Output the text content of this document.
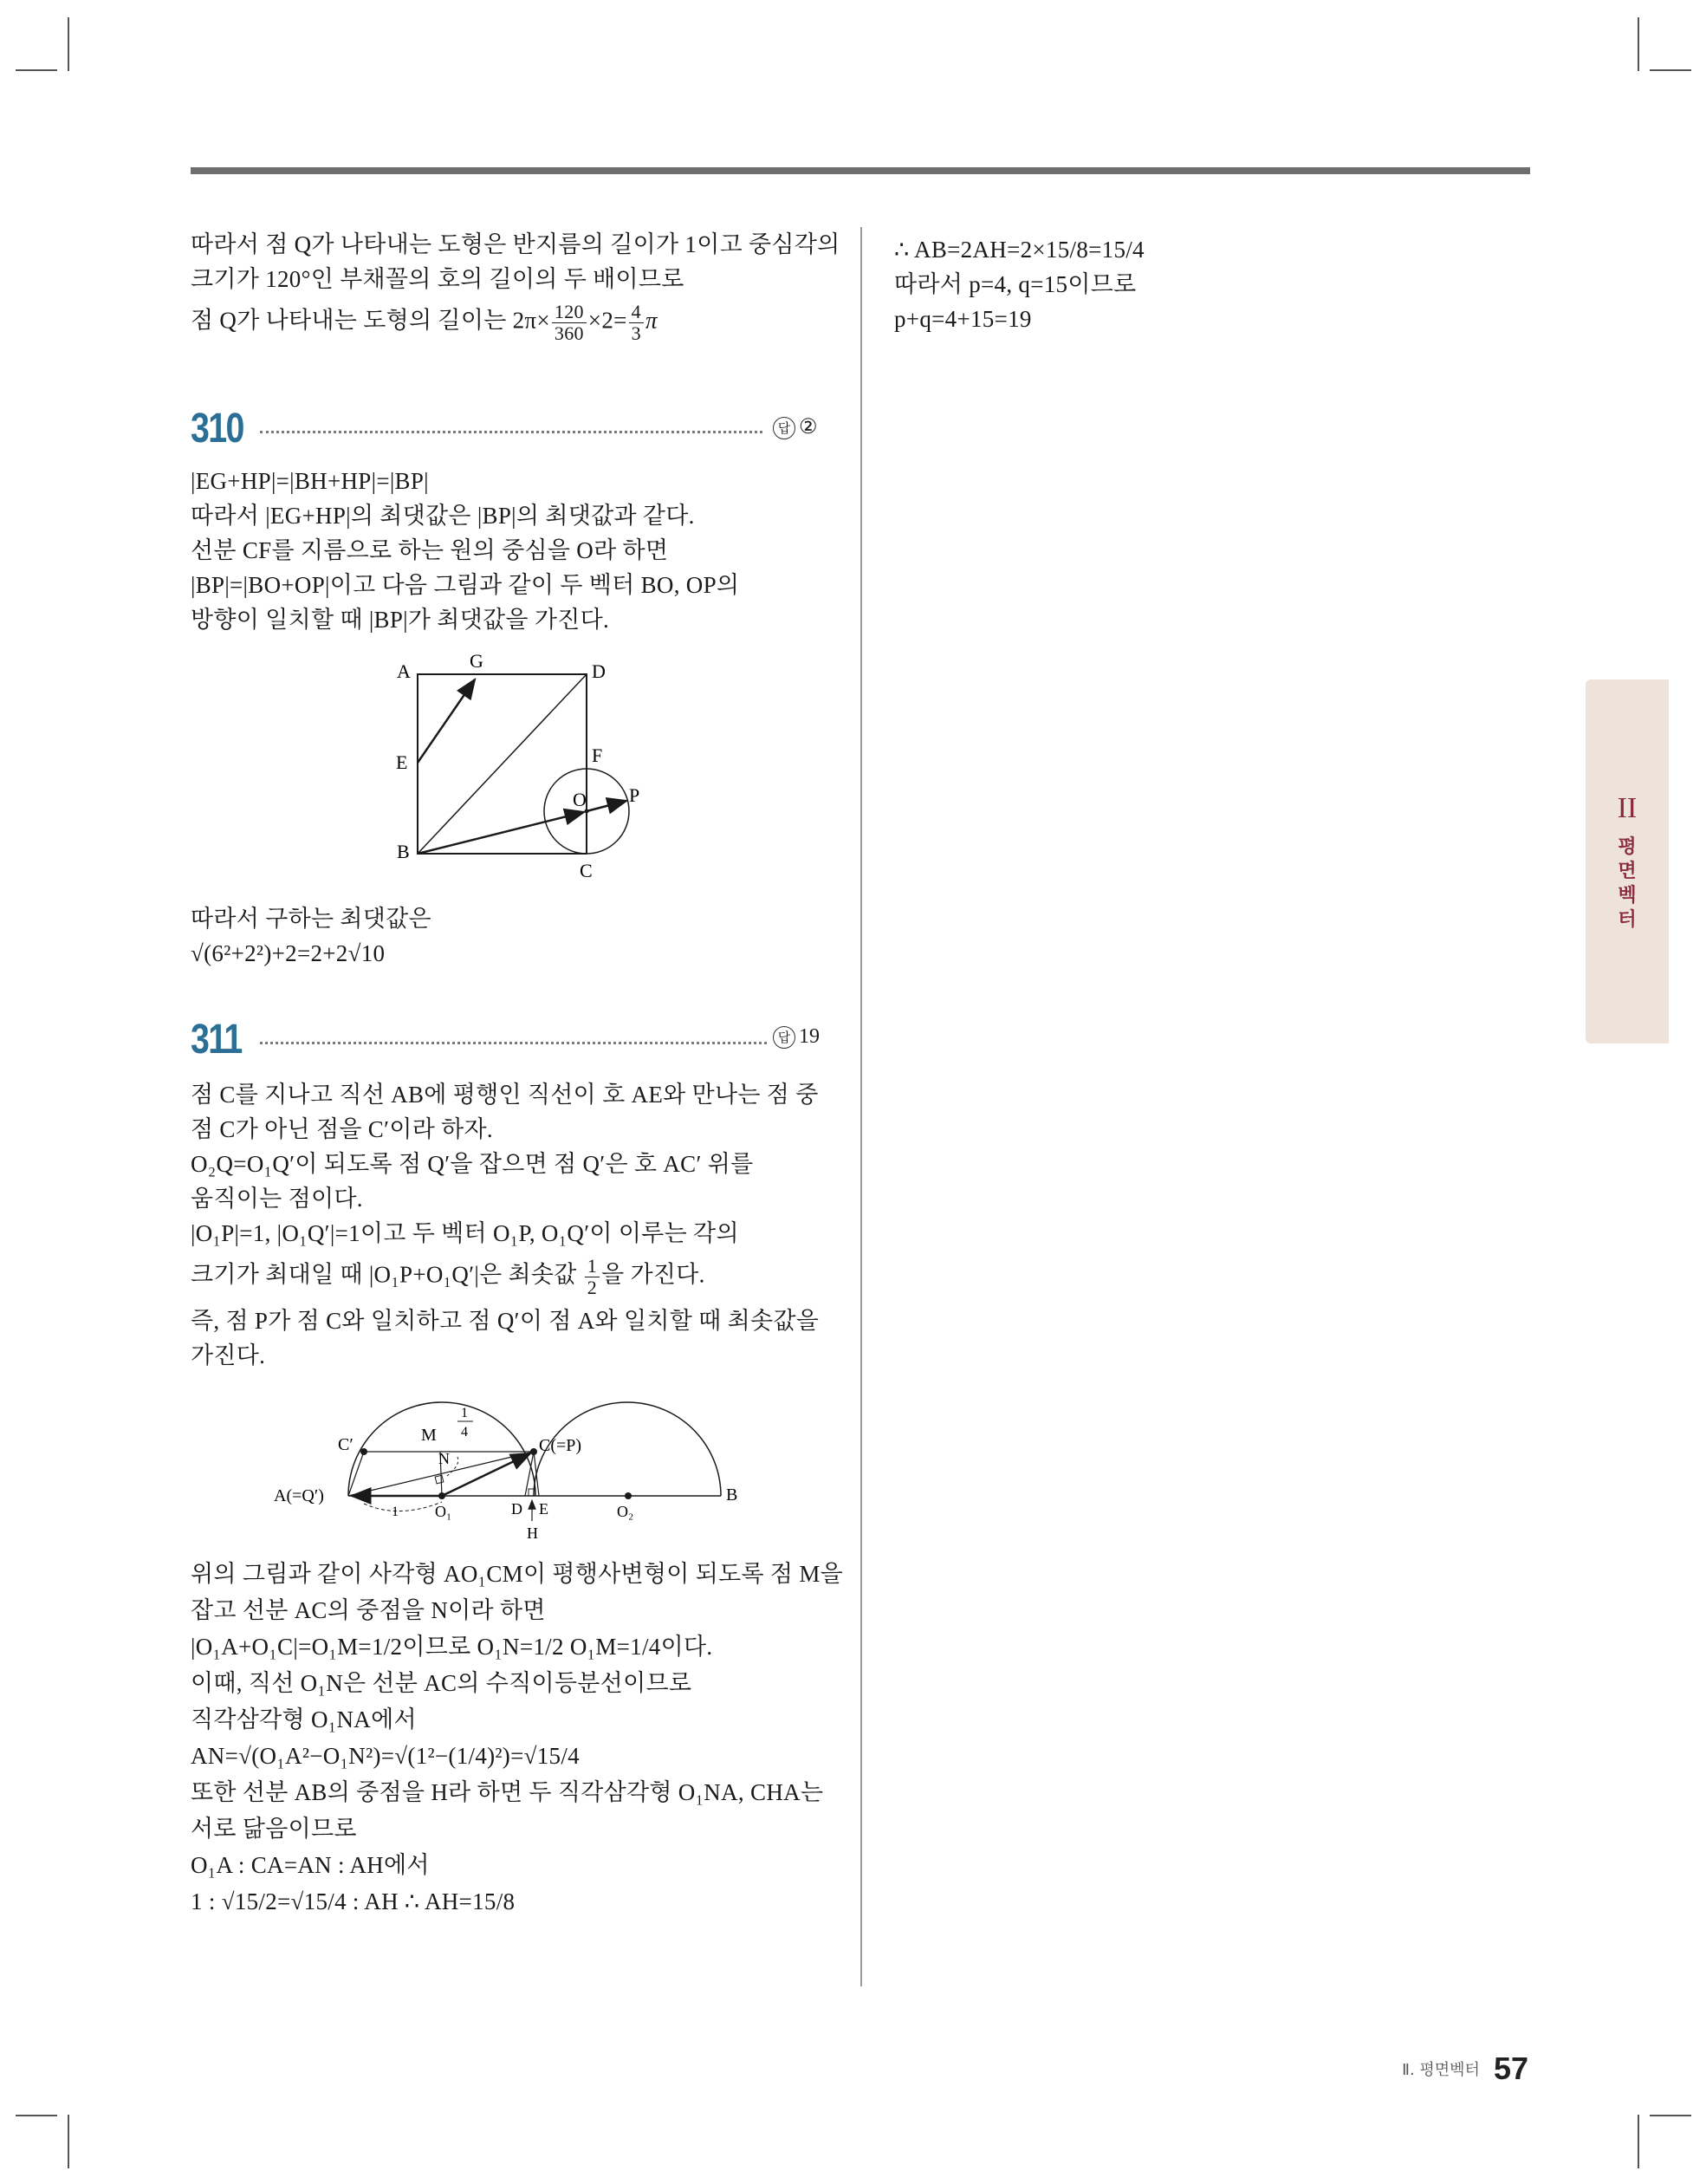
따라서 점 Q가 나타내는 도형은 반지름의 길이가 1이고 중심각의
크기가 120°인 부채꼴의 호의 길이의 두 배이므로
점 Q가 나타내는 도형의 길이는 $2\pi\times \frac{120}{360} \times 2= \frac{4}{3}$ π
310	답 ②
|EG+HP|=|BH+HP|=|BP|
따라서 |EG+HP|의 최댓값은 |BP|의 최댓값과 같다.
선분 CF를 지름으로 하는 원의 중심을 O라 하면
|BP|=|BO+OP|이고 다음 그림과 같이 두 벡터 BO, OP의
방향이 일치할 때 |BP|가 최댓값을 가진다.
A	G	D
E	F
O P
B
C
따라서 구하는 최댓값은
√(6²+2²)+2=2+2√10
311	답 19
점 C를 지나고 직선 AB에 평행인 직선이 호 AE와 만나는 점 중
점 C가 아닌 점을 C′이라 하자.
O₂Q=O₁Q′이 되도록 점 Q′을 잡으면 점 Q′은 호 AC′ 위를
움직이는 점이다.
|O₁P|=1, |O₁Q′|=1이고 두 벡터 O₁P, O₁Q′이 이루는 각의
크기가 최대일 때 |O₁P+O₁Q′|은 최솟값 $\frac{1}{2}$ 을 가진다.
즉, 점 P가 점 C와 일치하고 점 Q′이 점 A와 일치할 때 최솟값을
가진다.
C′	M
1
4
N
C(=P)
A(=Q′)
1 O₁	D E	O₂
B
H
위의 그림과 같이 사각형 AO₁CM이 평행사변형이 되도록 점 M을
잡고 선분 AC의 중점을 N이라 하면
|O₁A+O₁C|=O₁M=1/2이므로 O₁N=1/2 O₁M=1/4이다.
이때, 직선 O₁N은 선분 AC의 수직이등분선이므로
직각삼각형 O₁NA에서
AN=√(O₁A²−O₁N²)=√(1²−(1/4)²)=√15/4
또한 선분 AB의 중점을 H라 하면 두 직각삼각형 O₁NA, CHA는
서로 닮음이므로
O₁A : CA=AN : AH에서
1 : √15/2=√15/4 : AH ∴ AH=15/8
∴ AB=2AH=2×15/8=15/4
따라서 p=4, q=15이므로
p+q=4+15=19
II
평
면
벡
터
Ⅱ. 평면벡터 57
